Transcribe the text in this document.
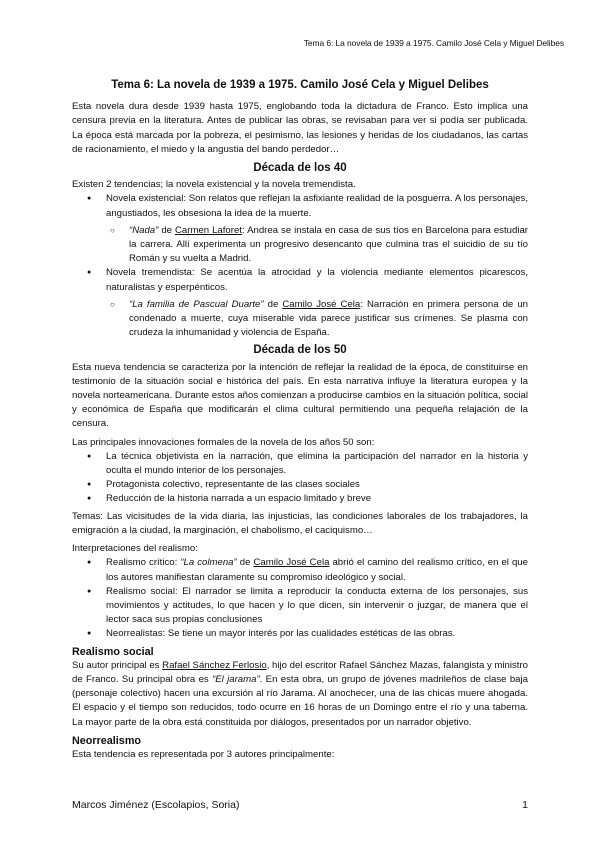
Tema 6: La novela de 1939 a 1975. Camilo José Cela y Miguel Delibes
Tema 6: La novela de 1939 a 1975. Camilo José Cela y Miguel Delibes

Esta novela dura desde 1939 hasta 1975, englobando toda la dictadura de Franco. Esto implica una censura previa en la literatura. Antes de publicar las obras, se revisaban para ver si podía ser publicada. La época está marcada por la pobreza, el pesimismo, las lesiones y heridas de los ciudadanos, las cartas de racionamiento, el miedo y la angustia del bando perdedor…

Década de los 40

Existen 2 tendencias; la novela existencial y la novela tremendista.

● Novela existencial: Son relatos que reflejan la asfixiante realidad de la posguerra. A los personajes, angustiados, les obsesiona la idea de la muerte.
○ “Nada” de Carmen Laforet: Andrea se instala en casa de sus tíos en Barcelona para estudiar la carrera. Allí experimenta un progresivo desencanto que culmina tras el suicidio de su tío Román y su vuelta a Madrid.
● Novela tremendista: Se acentúa la atrocidad y la violencia mediante elementos picarescos, naturalistas y esperpénticos.
○ “La familia de Pascual Duarte” de Camilo José Cela: Narración en primera persona de un condenado a muerte, cuya miserable vida parece justificar sus crímenes. Se plasma con crudeza la inhumanidad y violencia de España.
Década de los 50

Esta nueva tendencia se caracteriza por la intención de reflejar la realidad de la época, de constituirse en testimonio de la situación social e histórica del país. En esta narrativa influye la literatura europea y la novela norteamericana. Durante estos años comienzan a producirse cambios en la situación política, social y económica de España que modificarán el clima cultural permitiendo una pequeña relajación de la censura.

Las principales innovaciones formales de la novela de los años 50 son:

● La técnica objetivista en la narración, que elimina la participación del narrador en la historia y oculta el mundo interior de los personajes.
● Protagonista colectivo, representante de las clases sociales
● Reducción de la historia narrada a un espacio limitado y breve

Temas: Las vicisitudes de la vida diaria, las injusticias, las condiciones laborales de los trabajadores, la emigración a la ciudad, la marginación, el chabolismo, el caciquismo…

Interpretaciones del realismo:

● Realismo crítico: “La colmena” de Camilo José Cela abrió el camino del realismo crítico, en el que los autores manifiestan claramente su compromiso ideológico y social.
● Realismo social: El narrador se limita a reproducir la conducta externa de los personajes, sus movimientos y actitudes, lo que hacen y lo que dicen, sin intervenir o juzgar, de manera que el lector saca sus propias conclusiones
● Neorrealistas: Se tiene un mayor interés por las cualidades estéticas de las obras.
Realismo social

Su autor principal es Rafael Sánchez Ferlosio, hijo del escritor Rafael Sánchez Mazas, falangista y ministro de Franco. Su principal obra es “El jarama”. En esta obra, un grupo de jóvenes madrileños de clase baja (personaje colectivo) hacen una excursión al río Jarama. Al anochecer, una de las chicas muere ahogada. El espacio y el tiempo son reducidos, todo ocurre en 16 horas de un Domingo entre el río y una taberna. La mayor parte de la obra está constituida por diálogos, presentados por un narrador objetivo.

Neorrealismo

Esta tendencia es representada por 3 autores principalmente:

Marcos Jiménez (Escolapios, Soria)	1
